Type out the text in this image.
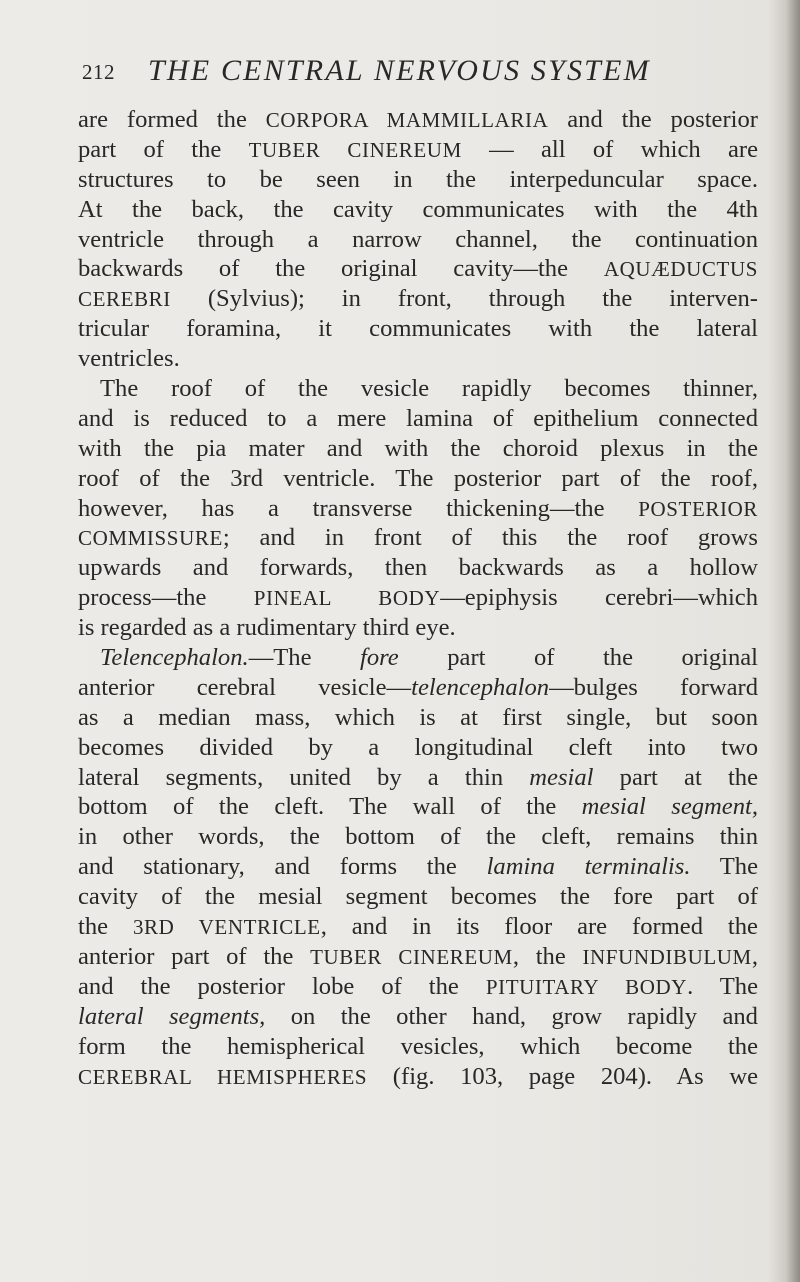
212 THE CENTRAL NERVOUS SYSTEM
are formed the CORPORA MAMMILLARIA and the posterior
part of the TUBER CINEREUM — all of which are
structures to be seen in the interpeduncular space.
At the back, the cavity communicates with the 4th
ventricle through a narrow channel, the continuation
backwards of the original cavity—the AQUÆDUCTUS
CEREBRI (Sylvius); in front, through the interven-
tricular foramina, it communicates with the lateral
ventricles.
The roof of the vesicle rapidly becomes thinner,
and is reduced to a mere lamina of epithelium connected
with the pia mater and with the choroid plexus in the
roof of the 3rd ventricle. The posterior part of the roof,
however, has a transverse thickening—the POSTERIOR
COMMISSURE; and in front of this the roof grows
upwards and forwards, then backwards as a hollow
process—the PINEAL BODY—epiphysis cerebri—which
is regarded as a rudimentary third eye.
Telencephalon.—The fore part of the original
anterior cerebral vesicle—telencephalon—bulges forward
as a median mass, which is at first single, but soon
becomes divided by a longitudinal cleft into two
lateral segments, united by a thin mesial part at the
bottom of the cleft. The wall of the mesial segment,
in other words, the bottom of the cleft, remains thin
and stationary, and forms the lamina terminalis. The
cavity of the mesial segment becomes the fore part of
the 3RD VENTRICLE, and in its floor are formed the
anterior part of the TUBER CINEREUM, the INFUNDIBULUM,
and the posterior lobe of the PITUITARY BODY. The
lateral segments, on the other hand, grow rapidly and
form the hemispherical vesicles, which become the
CEREBRAL HEMISPHERES (fig. 103, page 204). As we
